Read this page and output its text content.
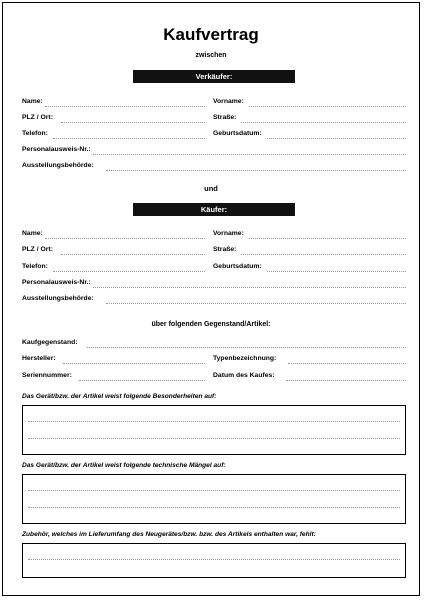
Kaufvertrag
zwischen
Verkäufer:
Name:	Vorname:
PLZ / Ort:	Straße:
Telefon:	Geburtsdatum:
Personalausweis-Nr.:
Ausstellungsbehörde:
und
Käufer:
Name:	Vorname:
PLZ / Ort:	Straße:
Telefon:	Geburtsdatum:
Personalausweis-Nr.:
Ausstellungsbehörde:
über folgenden Gegenstand/Artikel:
Kaufgegenstand:
Hersteller:	Typenbezeichnung:
Seriennummer:	Datum des Kaufes:
Das Gerät/bzw. der Artikel weist folgende Besonderheiten auf:
Das Gerät/bzw. der Artikel weist folgende technische Mängel auf:
Zubehör, welches im Lieferumfang des Neugerätes/bzw. bzw. des Artikels enthalten war, fehlt:
